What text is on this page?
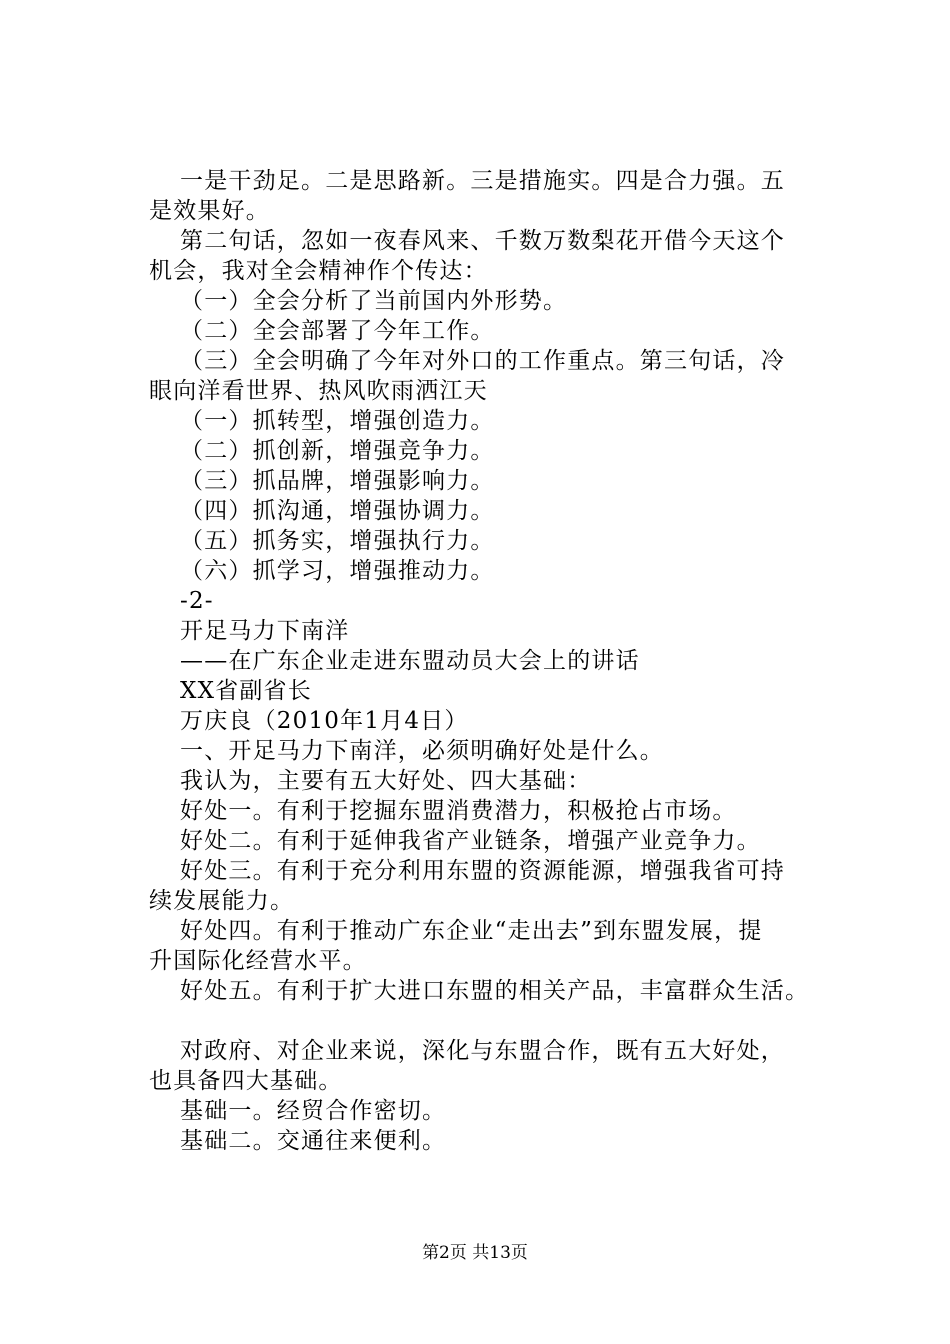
一是干劲足。二是思路新。三是措施实。四是合力强。五
是效果好。
第二句话，忽如一夜春风来、千数万数梨花开借今天这个
机会，我对全会精神作个传达：
（一）全会分析了当前国内外形势。
（二）全会部署了今年工作。
（三）全会明确了今年对外口的工作重点。第三句话，冷
眼向洋看世界、热风吹雨洒江天
（一）抓转型，增强创造力。
（二）抓创新，增强竞争力。
（三）抓品牌，增强影响力。
（四）抓沟通，增强协调力。
（五）抓务实，增强执行力。
（六）抓学习，增强推动力。
-2-
开足马力下南洋
——在广东企业走进东盟动员大会上的讲话
XX省副省长
万庆良（2010年1月4日）
一、开足马力下南洋，必须明确好处是什么。
我认为，主要有五大好处、四大基础：
好处一。有利于挖掘东盟消费潜力，积极抢占市场。
好处二。有利于延伸我省产业链条，增强产业竞争力。
好处三。有利于充分利用东盟的资源能源，增强我省可持
续发展能力。
好处四。有利于推动广东企业“走出去”到东盟发展，提
升国际化经营水平。
好处五。有利于扩大进口东盟的相关产品，丰富群众生活。
对政府、对企业来说，深化与东盟合作，既有五大好处，
也具备四大基础。
基础一。经贸合作密切。
基础二。交通往来便利。
第2页 共13页
